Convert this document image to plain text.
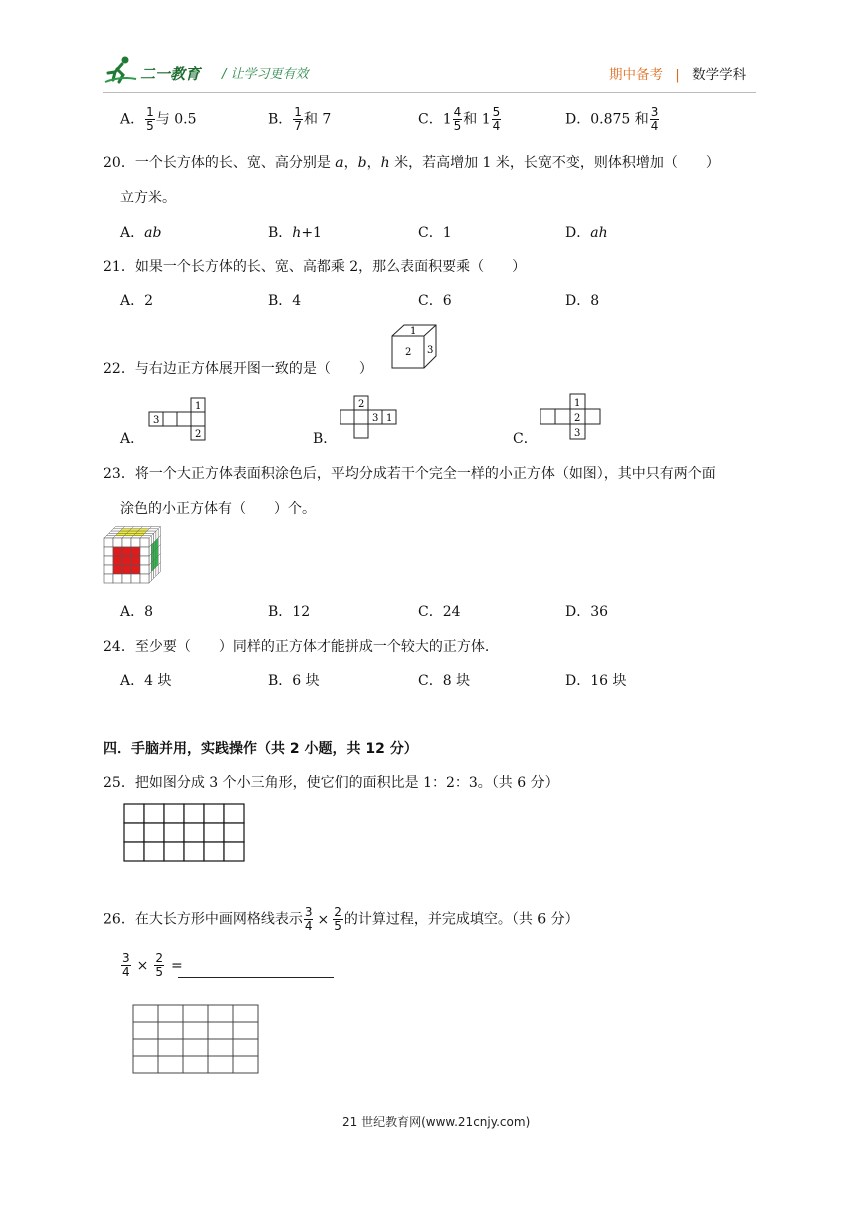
二一教育 / 让学习更有效	期中备考 | 数学学科
A． $\frac{1}{5}$ 与 0.5	B． $\frac{1}{7}$ 和 7	C．$1 \frac{4}{5}$ 和 $1 \frac{5}{4}$	D．0.875 和 $\frac{3}{4}$
20．一个长方体的长、宽、高分别是 a，b，h 米，若高增加 1 米，长宽不变，则体积增加（　　）
立方米。
A．ab	B．h+1	C．1	D．ah
21．如果一个长方体的长、宽、高都乘 2，那么表面积要乘（　　）
A．2	B．4	C．6	D．8
22．与右边正方体展开图一致的是（　　）
1
2 3
A．
3
1
2	B．
2
3 1
C．
1
2
3
23．将一个大正方体表面积涂色后，平均分成若干个完全一样的小正方体（如图），其中只有两个面
涂色的小正方体有（　　）个。
A．8	B．12	C．24	D．36
24．至少要（　　）同样的正方体才能拼成一个较大的正方体.
A．4 块	B．6 块	C．8 块	D．16 块
四．手脑并用，实践操作（共 2 小题，共 12 分）
25．把如图分成 3 个小三角形，使它们的面积比是 1：2：3。（共 6 分）
26．在大长方形中画网格线表示 $\frac{3}{4} \times \frac{2}{5}$ 的计算过程，并完成填空。（共 6 分）
$\frac{3}{4} \times \frac{2}{5}$ =
21 世纪教育网(www.21cnjy.com)
